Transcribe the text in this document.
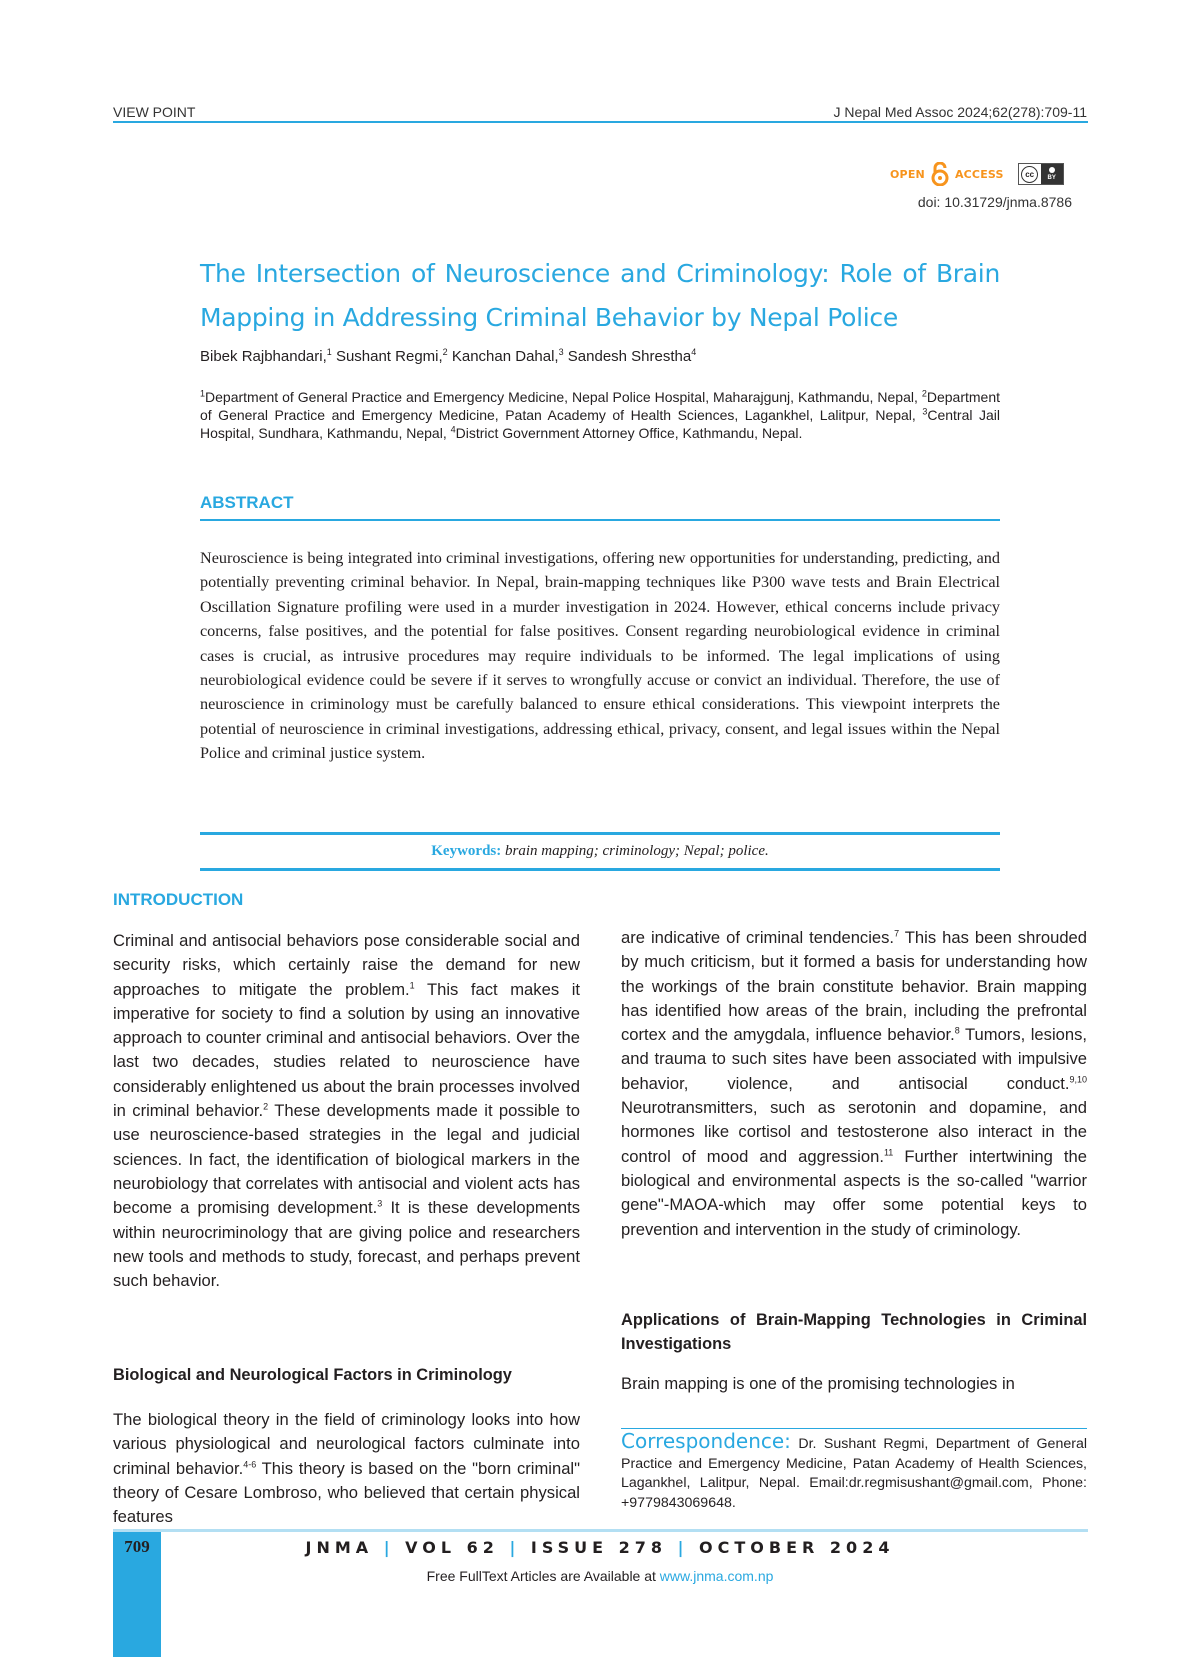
VIEW POINT	J Nepal Med Assoc 2024;62(278):709-11
OPEN	ACCESS	cc	BY
doi: 10.31729/jnma.8786
The Intersection of Neuroscience and Criminology: Role of Brain Mapping in Addressing Criminal Behavior by Nepal Police
Bibek Rajbhandari,$^1$ Sushant Regmi,$^2$ Kanchan Dahal,$^3$ Sandesh Shrestha$^4$
$^1$Department of General Practice and Emergency Medicine, Nepal Police Hospital, Maharajgunj, Kathmandu, Nepal, $^2$Department of General Practice and Emergency Medicine, Patan Academy of Health Sciences, Lagankhel, Lalitpur, Nepal, $^3$Central Jail Hospital, Sundhara, Kathmandu, Nepal, $^4$District Government Attorney Office, Kathmandu, Nepal.
ABSTRACT
Neuroscience is being integrated into criminal investigations, offering new opportunities for understanding, predicting, and potentially preventing criminal behavior. In Nepal, brain-mapping techniques like P300 wave tests and Brain Electrical Oscillation Signature profiling were used in a murder investigation in 2024. However, ethical concerns include privacy concerns, false positives, and the potential for false positives. Consent regarding neurobiological evidence in criminal cases is crucial, as intrusive procedures may require individuals to be informed. The legal implications of using neurobiological evidence could be severe if it serves to wrongfully accuse or convict an individual. Therefore, the use of neuroscience in criminology must be carefully balanced to ensure ethical considerations. This viewpoint interprets the potential of neuroscience in criminal investigations, addressing ethical, privacy, consent, and legal issues within the Nepal Police and criminal justice system.
Keywords: brain mapping; criminology; Nepal; police.
INTRODUCTION

Criminal and antisocial behaviors pose considerable social and security risks, which certainly raise the demand for new approaches to mitigate the problem.$^1$ This fact makes it imperative for society to find a solution by using an innovative approach to counter criminal and antisocial behaviors. Over the last two decades, studies related to neuroscience have considerably enlightened us about the brain processes involved in criminal behavior.$^2$ These developments made it possible to use neuroscience-based strategies in the legal and judicial sciences. In fact, the identification of biological markers in the neurobiology that correlates with antisocial and violent acts has become a promising development.$^3$ It is these developments within neurocriminology that are giving police and researchers new tools and methods to study, forecast, and perhaps prevent such behavior.

Biological and Neurological Factors in Criminology

The biological theory in the field of criminology looks into how various physiological and neurological factors culminate into criminal behavior.$^{4-6}$ This theory is based on the "born criminal" theory of Cesare Lombroso, who believed that certain physical features

are indicative of criminal tendencies.$^7$ This has been shrouded by much criticism, but it formed a basis for understanding how the workings of the brain constitute behavior. Brain mapping has identified how areas of the brain, including the prefrontal cortex and the amygdala, influence behavior.$^8$ Tumors, lesions, and trauma to such sites have been associated with impulsive behavior, violence, and antisocial conduct.$^{9,10}$ Neurotransmitters, such as serotonin and dopamine, and hormones like cortisol and testosterone also interact in the control of mood and aggression.$^{11}$ Further intertwining the biological and environmental aspects is the so-called "warrior gene"-MAOA-which may offer some potential keys to prevention and intervention in the study of criminology.

Applications of Brain-Mapping Technologies in Criminal Investigations
Brain mapping is one of the promising technologies in
Correspondence: Dr. Sushant Regmi, Department of General Practice and Emergency Medicine, Patan Academy of Health Sciences, Lagankhel, Lalitpur, Nepal. Email:dr.regmisushant@gmail.com, Phone: +9779843069648.
709	JNMA | VOL 62 | ISSUE 278 | OCTOBER 2024
Free FullText Articles are Available at www.jnma.com.np
